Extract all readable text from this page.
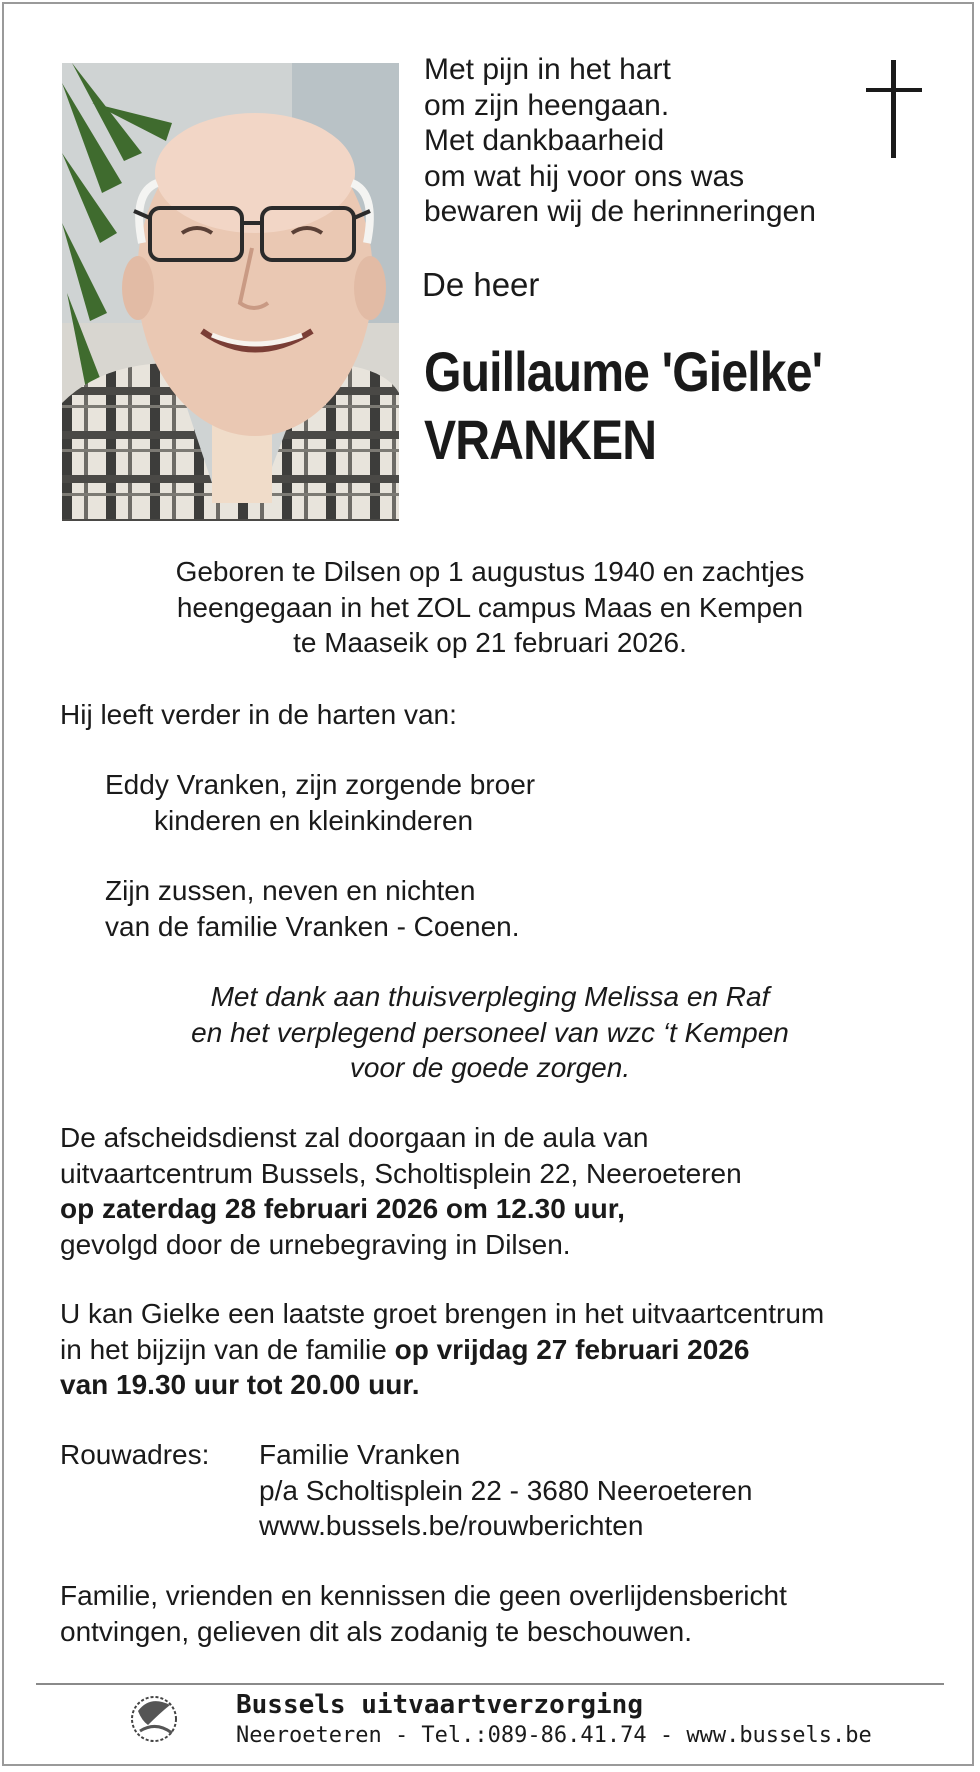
Met pijn in het hart
om zijn heengaan.
Met dankbaarheid
om wat hij voor ons was
bewaren wij de herinneringen
De heer
Guillaume 'Gielke'
VRANKEN
Geboren te Dilsen op 1 augustus 1940 en zachtjes
heengegaan in het ZOL campus Maas en Kempen
te Maaseik op 21 februari 2026.
Hij leeft verder in de harten van:
Eddy Vranken, zijn zorgende broer
kinderen en kleinkinderen
Zijn zussen, neven en nichten
van de familie Vranken - Coenen.
Met dank aan thuisverpleging Melissa en Raf
en het verplegend personeel van wzc ‘t Kempen
voor de goede zorgen.
De afscheidsdienst zal doorgaan in de aula van
uitvaartcentrum Bussels, Scholtisplein 22, Neeroeteren
op zaterdag 28 februari 2026 om 12.30 uur,
gevolgd door de urnebegraving in Dilsen.
U kan Gielke een laatste groet brengen in het uitvaartcentrum
in het bijzijn van de familie op vrijdag 27 februari 2026
van 19.30 uur tot 20.00 uur.
Rouwadres: Familie Vranken
p/a Scholtisplein 22 - 3680 Neeroeteren
www.bussels.be/rouwberichten
Familie, vrienden en kennissen die geen overlijdensbericht
ontvingen, gelieven dit als zodanig te beschouwen.
Bussels uitvaartverzorging
Neeroeteren - Tel.:089-86.41.74 - www.bussels.be
